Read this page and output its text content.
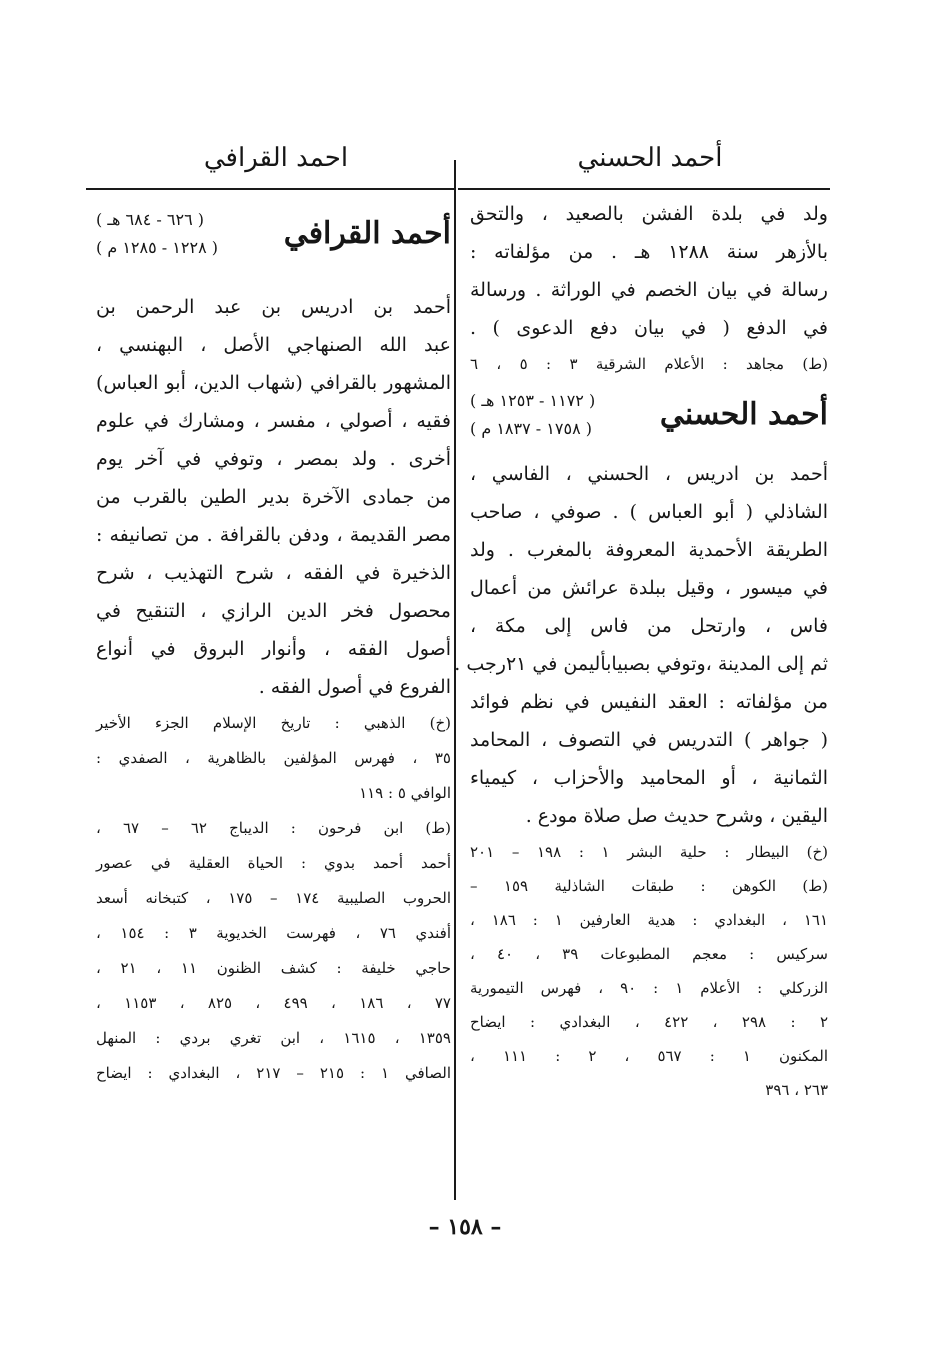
أحمد الحسني
احمد القرافي
ولد في بلدة الفشن بالصعيد ، والتحق
بالأزهر سنة ١٢٨٨ هـ . من مؤلفاته :
رسالة في بيان الخصم في الوراثة . ورسالة
في الدفع ( في بيان دفع الدعوى ) .
(ط) مجاهد : الأعلام الشرقية ٣ : ٥ ، ٦
أحمد الحسني
( ١١٧٢ - ١٢٥٣ هـ )
( ١٧٥٨ - ١٨٣٧ م )
أحمد بن ادريس ، الحسني ، الفاسي ،
الشاذلي ( أبو العباس ) . صوفي ، صاحب
الطريقة الأحمدية المعروفة بالمغرب . ولد
في ميسور ، وقيل ببلدة عرائش من أعمال
فاس ، وارتحل من فاس إلى مكة ،
ثم إلى المدينة ،وتوفي بصبيابأليمن في ٢١رجب .
من مؤلفاته : العقد النفيس في نظم فوائد
( جواهر ) التدريس في التصوف ، المحامد
الثمانية ، أو المحاميد والأحزاب ، كيمياء
اليقين ، وشرح حديث صل صلاة مودع .
(خ) البيطار : حلية البشر ١ : ١٩٨ – ٢٠١
(ط) الكوهن : طبقات الشاذلية ١٥٩ –
١٦١ ، البغدادي : هدية العارفين ١ : ١٨٦ ،
سركيس : معجم المطبوعات ٣٩ ، ٤٠ ،
الزركلي : الأعلام ١ : ٩٠ ، فهرس التيمورية
٢ : ٢٩٨ ، ٤٢٢ ، البغدادي : ايضاح
المكنون ١ : ٥٦٧ ، ٢ : ١١١ ،
٢٦٣ ، ٣٩٦
أحمد القرافي
( ٦٢٦ - ٦٨٤ هـ )
( ١٢٢٨ - ١٢٨٥ م )
أحمد بن ادريس بن عبد الرحمن بن
عبد الله الصنهاجي الأصل ، البهنسي ،
المشهور بالقرافي (شهاب الدين، أبو العباس)
فقيه ، أصولي ، مفسر ، ومشارك في علوم
أخرى . ولد بمصر ، وتوفي في آخر يوم
من جمادى الآخرة بدير الطين بالقرب من
مصر القديمة ، ودفن بالقرافة . من تصانيفه :
الذخيرة في الفقه ، شرح التهذيب ، شرح
محصول فخر الدين الرازي ، التنقيح في
أصول الفقه ، وأنوار البروق في أنواع
الفروع في أصول الفقه .
(خ) الذهبي : تاريخ الإسلام الجزء الأخير
٣٥ ، فهرس المؤلفين بالظاهرية ، الصفدي :
الوافي ٥ : ١١٩
(ط) ابن فرحون : الديباج ٦٢ – ٦٧ ،
أحمد أحمد بدوي : الحياة العقلية في عصور
الحروب الصليبية ١٧٤ – ١٧٥ ، كتبخانه أسعد
أفندي ٧٦ ، فهرست الخديوية ٣ : ١٥٤ ،
حاجي خليفة : كشف الظنون ١١ ، ٢١ ،
٧٧ ، ١٨٦ ، ٤٩٩ ، ٨٢٥ ، ١١٥٣ ،
١٣٥٩ ، ١٦١٥ ، ابن تغري بردي : المنهل
الصافي ١ : ٢١٥ – ٢١٧ ، البغدادي : ايضاح
– ١٥٨ –
